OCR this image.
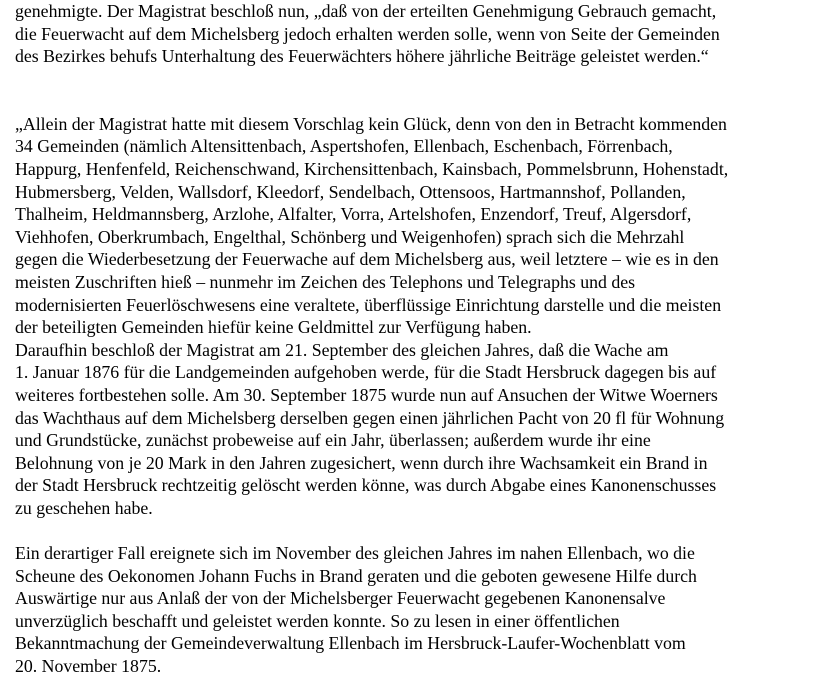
genehmigte. Der Magistrat beschloß nun, „daß von der erteilten Genehmigung Gebrauch gemacht,
die Feuerwacht auf dem Michelsberg jedoch erhalten werden solle, wenn von Seite der Gemeinden
des Bezirkes behufs Unterhaltung des Feuerwächters höhere jährliche Beiträge geleistet werden.“
„Allein der Magistrat hatte mit diesem Vorschlag kein Glück, denn von den in Betracht kommenden
34 Gemeinden (nämlich Altensittenbach, Aspertshofen, Ellenbach, Eschenbach, Förrenbach,
Happurg, Henfenfeld, Reichenschwand, Kirchensittenbach, Kainsbach, Pommelsbrunn, Hohenstadt,
Hubmersberg, Velden, Wallsdorf, Kleedorf, Sendelbach, Ottensoos, Hartmannshof, Pollanden,
Thalheim, Heldmannsberg, Arzlohe, Alfalter, Vorra, Artelshofen, Enzendorf, Treuf, Algersdorf,
Viehhofen, Oberkrumbach, Engelthal, Schönberg und Weigenhofen) sprach sich die Mehrzahl
gegen die Wiederbesetzung der Feuerwache auf dem Michelsberg aus, weil letztere – wie es in den
meisten Zuschriften hieß – nunmehr im Zeichen des Telephons und Telegraphs und des
modernisierten Feuerlöschwesens eine veraltete, überflüssige Einrichtung darstelle und die meisten
der beteiligten Gemeinden hiefür keine Geldmittel zur Verfügung haben.
Daraufhin beschloß der Magistrat am 21. September des gleichen Jahres, daß die Wache am
1. Januar 1876 für die Landgemeinden aufgehoben werde, für die Stadt Hersbruck dagegen bis auf
weiteres fortbestehen solle. Am 30. September 1875 wurde nun auf Ansuchen der Witwe Woerners
das Wachthaus auf dem Michelsberg derselben gegen einen jährlichen Pacht von 20 fl für Wohnung
und Grundstücke, zunächst probeweise auf ein Jahr, überlassen; außerdem wurde ihr eine
Belohnung von je 20 Mark in den Jahren zugesichert, wenn durch ihre Wachsamkeit ein Brand in
der Stadt Hersbruck rechtzeitig gelöscht werden könne, was durch Abgabe eines Kanonenschusses
zu geschehen habe.
Ein derartiger Fall ereignete sich im November des gleichen Jahres im nahen Ellenbach, wo die
Scheune des Oekonomen Johann Fuchs in Brand geraten und die geboten gewesene Hilfe durch
Auswärtige nur aus Anlaß der von der Michelsberger Feuerwacht gegebenen Kanonensalve
unverzüglich beschafft und geleistet werden konnte. So zu lesen in einer öffentlichen
Bekanntmachung der Gemeindeverwaltung Ellenbach im Hersbruck-Laufer-Wochenblatt vom
20. November 1875.
